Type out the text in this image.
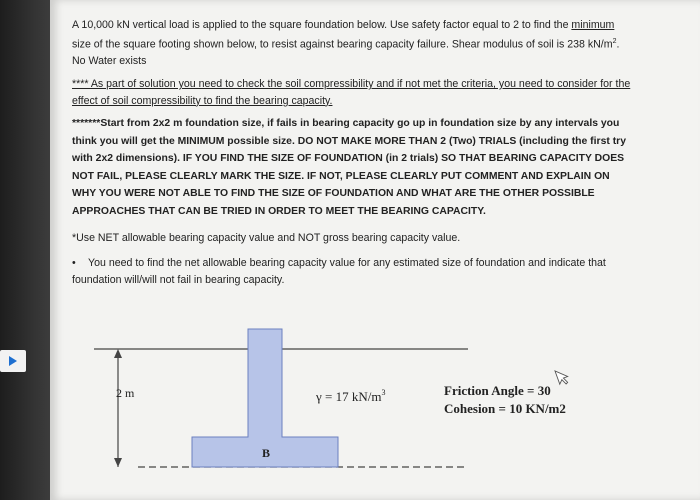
A 10,000 kN vertical load is applied to the square foundation below. Use safety factor equal to 2 to find the minimum size of the square footing shown below, to resist against bearing capacity failure. Shear modulus of soil is 238 $kN/m^2$. No Water exists

**** As part of solution you need to check the soil compressibility and if not met the criteria, you need to consider for the effect of soil compressibility to find the bearing capacity.

*******Start from 2x2 m foundation size, if fails in bearing capacity go up in foundation size by any intervals you think you will get the MINIMUM possible size. DO NOT MAKE MORE THAN 2 (Two) TRIALS (including the first try with 2x2 dimensions). IF YOU FIND THE SIZE OF FOUNDATION (in 2 trials) SO THAT BEARING CAPACITY DOES NOT FAIL, PLEASE CLEARLY MARK THE SIZE. IF NOT, PLEASE CLEARLY PUT COMMENT AND EXPLAIN ON WHY YOU WERE NOT ABLE TO FIND THE SIZE OF FOUNDATION AND WHAT ARE THE OTHER POSSIBLE APPROACHES THAT CAN BE TRIED IN ORDER TO MEET THE BEARING CAPACITY.

*Use NET allowable bearing capacity value and NOT gross bearing capacity value.

• You need to find the net allowable bearing capacity value for any estimated size of foundation and indicate that foundation will/will not fail in bearing capacity.

2 m
B
γ = 17 $kN/m^3$	Friction Angle = 30
Cohesion = 10 KN/m2
